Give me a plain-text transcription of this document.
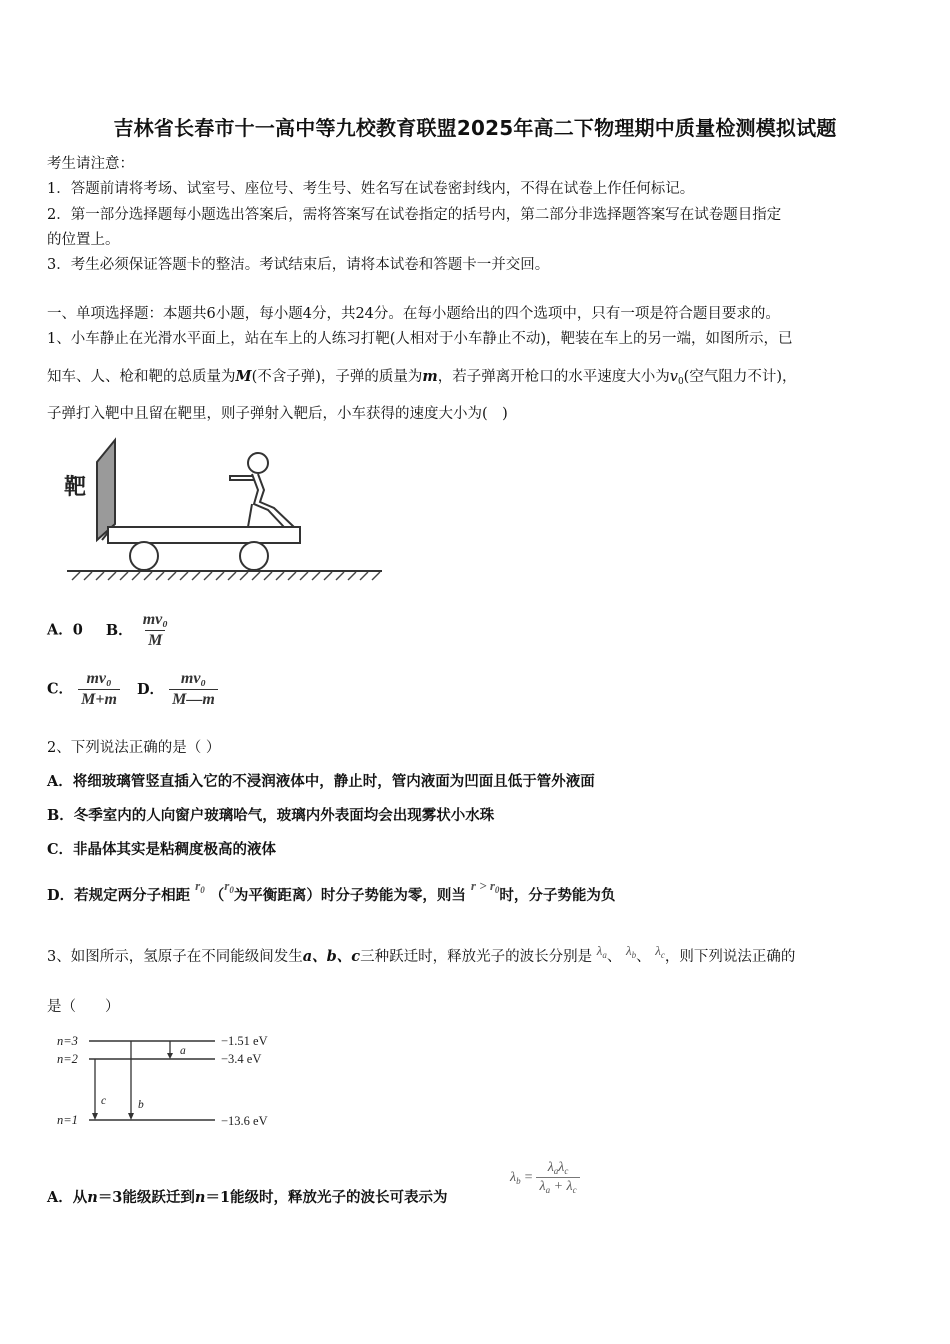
吉林省长春市十一高中等九校教育联盟2025年高二下物理期中质量检测模拟试题
考生请注意：
1．答题前请将考场、试室号、座位号、考生号、姓名写在试卷密封线内，不得在试卷上作任何标记。
2．第一部分选择题每小题选出答案后，需将答案写在试卷指定的括号内，第二部分非选择题答案写在试卷题目指定
的位置上。
3．考生必须保证答题卡的整洁。考试结束后，请将本试卷和答题卡一并交回。
一、单项选择题：本题共6小题，每小题4分，共24分。在每小题给出的四个选项中，只有一项是符合题目要求的。
1、小车静止在光滑水平面上，站在车上的人练习打靶(人相对于小车静止不动)，靶装在车上的另一端，如图所示，已
知车、人、枪和靶的总质量为M(不含子弹)，子弹的质量为m，若子弹离开枪口的水平速度大小为$v_0$(空气阻力不计)，
子弹打入靶中且留在靶里，则子弹射入靶后，小车获得的速度大小为(　)
靶
A．0 B． $\frac{\text{mv₀}}{M}$
C． $\frac{\text{mv₀}}{M+m}$ D． $\frac{\text{mv₀}}{M—m}$
2、下列说法正确的是（ ）
A．将细玻璃管竖直插入它的不浸润液体中，静止时，管内液面为凹面且低于管外液面
B．冬季室内的人向窗户玻璃哈气，玻璃内外表面均会出现雾状小水珠
C．非晶体其实是粘稠度极高的液体
D．若规定两分子相距 $r_0$ （$r_0$为平衡距离）时分子势能为零，则当 $r > r_0$时，分子势能为负
3、如图所示，氢原子在不同能级间发生a、b、c三种跃迁时，释放光子的波长分别是 $\lambda_a$、 $\lambda_b$、 $\lambda_c$，则下列说法正确的
是（　　）
n=3
n=2
n=1
−1.51 eV
−3.4 eV
−13.6 eV
a
c	b
A．从n＝3能级跃迁到n＝1能级时，释放光子的波长可表示为
$\lambda_b = \frac{\lambda_a\lambda_c}{\lambda_a + \lambda_c}$
